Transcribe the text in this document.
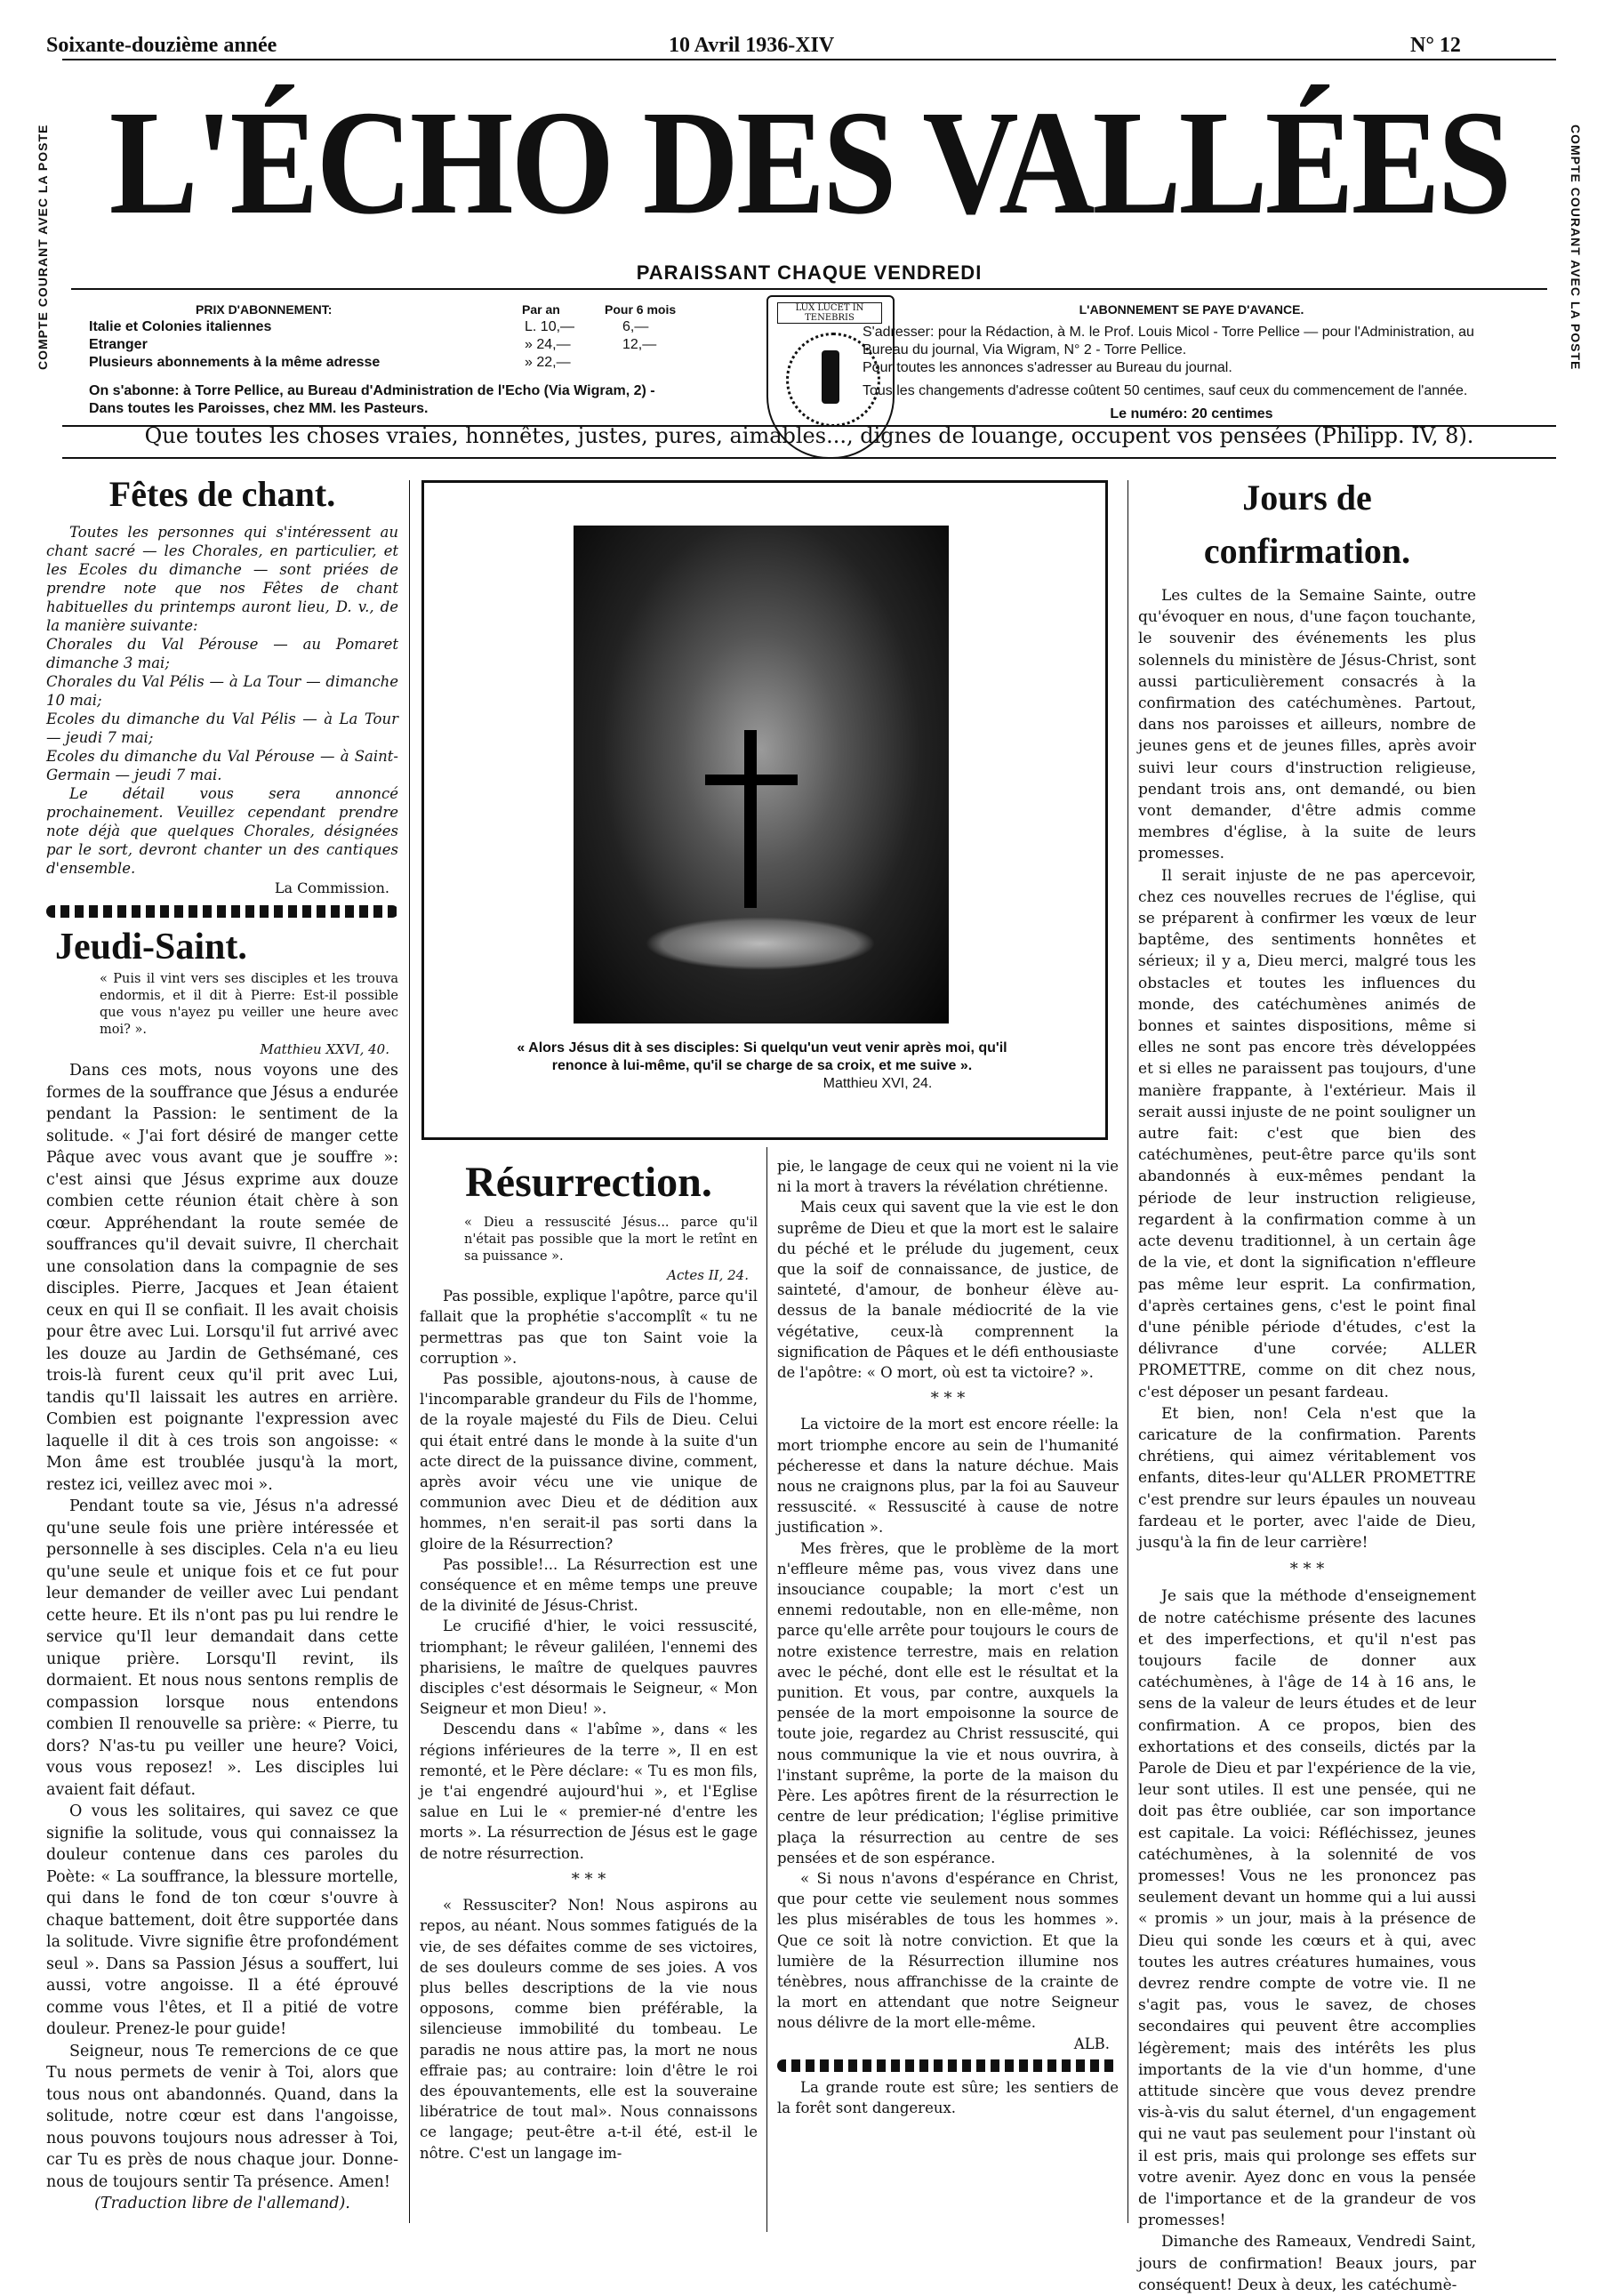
Soixante-douzième année	10 Avril 1936-XIV	N° 12
COMPTE COURANT AVEC LA POSTE	COMPTE COURANT AVEC LA POSTE
L'ÉCHO DES VALLÉES
PARAISSANT CHAQUE VENDREDI
PRIX D'ABONNEMENT:	Par an	Pour 6 mois
Italie et Colonies italiennes	L. 10,—	6,—
Etranger	» 24,—	12,—
Plusieurs abonnements à la même adresse	» 22,—
On s'abonne: à Torre Pellice, au Bureau d'Administration de l'Echo (Via Wigram, 2) - Dans toutes les Paroisses, chez MM. les Pasteurs.
LUX LUCET IN TENEBRIS
L'ABONNEMENT SE PAYE D'AVANCE.
S'adresser: pour la Rédaction, à M. le Prof. Louis Micol - Torre Pellice — pour l'Administration, au Bureau du journal, Via Wigram, N° 2 - Torre Pellice.
Pour toutes les annonces s'adresser au Bureau du journal.
Tous les changements d'adresse coûtent 50 centimes, sauf ceux du commencement de l'année.
Le numéro: 20 centimes
Que toutes les choses vraies, honnêtes, justes, pures, aimables..., dignes de louange, occupent vos pensées (Philipp. IV, 8).
Fêtes de chant.

Toutes les personnes qui s'intéressent au chant sacré — les Chorales, en particulier, et les Ecoles du dimanche — sont priées de prendre note que nos Fêtes de chant habituelles du printemps auront lieu, D. v., de la manière suivante:

Chorales du Val Pérouse — au Pomaret dimanche 3 mai;

Chorales du Val Pélis — à La Tour — dimanche 10 mai;

Ecoles du dimanche du Val Pélis — à La Tour — jeudi 7 mai;

Ecoles du dimanche du Val Pérouse — à Saint-Germain — jeudi 7 mai.

Le détail vous sera annoncé prochainement. Veuillez cependant prendre note déjà que quelques Chorales, désignées par le sort, devront chanter un des cantiques d'ensemble.

La Commission.
Jeudi-Saint.
« Puis il vint vers ses disciples et les trouva endormis, et il dit à Pierre: Est-il possible que vous n'ayez pu veiller une heure avec moi? ».
Matthieu XXVI, 40.

Dans ces mots, nous voyons une des formes de la souffrance que Jésus a endurée pendant la Passion: le sentiment de la solitude. « J'ai fort désiré de manger cette Pâque avec vous avant que je souffre »: c'est ainsi que Jésus exprime aux douze combien cette réunion était chère à son cœur. Appréhendant la route semée de souffrances qu'il devait suivre, Il cherchait une consolation dans la compagnie de ses disciples. Pierre, Jacques et Jean étaient ceux en qui Il se confiait. Il les avait choisis pour être avec Lui. Lorsqu'il fut arrivé avec les douze au Jardin de Gethsémané, ces trois-là furent ceux qu'il prit avec Lui, tandis qu'Il laissait les autres en arrière. Combien est poignante l'expression avec laquelle il dit à ces trois son angoisse: « Mon âme est troublée jusqu'à la mort, restez ici, veillez avec moi ».

Pendant toute sa vie, Jésus n'a adressé qu'une seule fois une prière intéressée et personnelle à ses disciples. Cela n'a eu lieu qu'une seule et unique fois et ce fut pour leur demander de veiller avec Lui pendant cette heure. Et ils n'ont pas pu lui rendre le service qu'Il leur demandait dans cette unique prière. Lorsqu'Il revint, ils dormaient. Et nous nous sentons remplis de compassion lorsque nous entendons combien Il renouvelle sa prière: « Pierre, tu dors? N'as-tu pu veiller une heure? Voici, vous vous reposez! ». Les disciples lui avaient fait défaut.

O vous les solitaires, qui savez ce que signifie la solitude, vous qui connaissez la douleur contenue dans ces paroles du Poète: « La souffrance, la blessure mortelle, qui dans le fond de ton cœur s'ouvre à chaque battement, doit être supportée dans la solitude. Vivre signifie être profondément seul ». Dans sa Passion Jésus a souffert, lui aussi, votre angoisse. Il a été éprouvé comme vous l'êtes, et Il a pitié de votre douleur. Prenez-le pour guide!

Seigneur, nous Te remercions de ce que Tu nous permets de venir à Toi, alors que tous nous ont abandonnés. Quand, dans la solitude, notre cœur est dans l'angoisse, nous pouvons toujours nous adresser à Toi, car Tu es près de nous chaque jour. Donne-nous de toujours sentir Ta présence. Amen!

(Traduction libre de l'allemand).
« Alors Jésus dit à ses disciples: Si quelqu'un veut venir après moi, qu'il renonce à lui-même, qu'il se charge de sa croix, et me suive ».
Matthieu XVI, 24.
Résurrection.
« Dieu a ressuscité Jésus... parce qu'il n'était pas possible que la mort le retînt en sa puissance ».
Actes II, 24.

Pas possible, explique l'apôtre, parce qu'il fallait que la prophétie s'accomplît « tu ne permettras pas que ton Saint voie la corruption ».

Pas possible, ajoutons-nous, à cause de l'incomparable grandeur du Fils de l'homme, de la royale majesté du Fils de Dieu. Celui qui était entré dans le monde à la suite d'un acte direct de la puissance divine, comment, après avoir vécu une vie unique de communion avec Dieu et de dédition aux hommes, n'en serait-il pas sorti dans la gloire de la Résurrection?

Pas possible!... La Résurrection est une conséquence et en même temps une preuve de la divinité de Jésus-Christ.

Le crucifié d'hier, le voici ressuscité, triomphant; le rêveur galiléen, l'ennemi des pharisiens, le maître de quelques pauvres disciples c'est désormais le Seigneur, « Mon Seigneur et mon Dieu! ».

Descendu dans « l'abîme », dans « les régions inférieures de la terre », Il en est remonté, et le Père déclare: « Tu es mon fils, je t'ai engendré aujourd'hui », et l'Eglise salue en Lui le « premier-né d'entre les morts ». La résurrection de Jésus est le gage de notre résurrection.

* * *

« Ressusciter? Non! Nous aspirons au repos, au néant. Nous sommes fatigués de la vie, de ses défaites comme de ses victoires, de ses douleurs comme de ses joies. A vos plus belles descriptions de la vie nous opposons, comme bien préférable, la silencieuse immobilité du tombeau. Le paradis ne nous attire pas, la mort ne nous effraie pas; au contraire: loin d'être le roi des épouvantements, elle est la souveraine libératrice de tout mal». Nous connaissons ce langage; peut-être a-t-il été, est-il le nôtre. C'est un langage im-

pie, le langage de ceux qui ne voient ni la vie ni la mort à travers la révélation chrétienne.

Mais ceux qui savent que la vie est le don suprême de Dieu et que la mort est le salaire du péché et le prélude du jugement, ceux que la soif de connaissance, de justice, de sainteté, d'amour, de bonheur élève au-dessus de la banale médiocrité de la vie végétative, ceux-là comprennent la signification de Pâques et le défi enthousiaste de l'apôtre: « O mort, où est ta victoire? ».

* * *

La victoire de la mort est encore réelle: la mort triomphe encore au sein de l'humanité pécheresse et dans la nature déchue. Mais nous ne craignons plus, par la foi au Sauveur ressuscité. « Ressuscité à cause de notre justification ».

Mes frères, que le problème de la mort n'effleure même pas, vous vivez dans une insouciance coupable; la mort c'est un ennemi redoutable, non en elle-même, non parce qu'elle arrête pour toujours le cours de notre existence terrestre, mais en relation avec le péché, dont elle est le résultat et la punition. Et vous, par contre, auxquels la pensée de la mort empoisonne la source de toute joie, regardez au Christ ressuscité, qui nous communique la vie et nous ouvrira, à l'instant suprême, la porte de la maison du Père. Les apôtres firent de la résurrection le centre de leur prédication; l'église primitive plaça la résurrection au centre de ses pensées et de son espérance.

« Si nous n'avons d'espérance en Christ, que pour cette vie seulement nous sommes les plus misérables de tous les hommes ». Que ce soit là notre conviction. Et que la lumière de la Résurrection illumine nos ténèbres, nous affranchisse de la crainte de la mort en attendant que notre Seigneur nous délivre de la mort elle-même.

ALB.

La grande route est sûre; les sentiers de la forêt sont dangereux.

Jours de confirmation.

Les cultes de la Semaine Sainte, outre qu'évoquer en nous, d'une façon touchante, le souvenir des événements les plus solennels du ministère de Jésus-Christ, sont aussi particulièrement consacrés à la confirmation des catéchumènes. Partout, dans nos paroisses et ailleurs, nombre de jeunes gens et de jeunes filles, après avoir suivi leur cours d'instruction religieuse, pendant trois ans, ont demandé, ou bien vont demander, d'être admis comme membres d'église, à la suite de leurs promesses.

Il serait injuste de ne pas apercevoir, chez ces nouvelles recrues de l'église, qui se préparent à confirmer les vœux de leur baptême, des sentiments honnêtes et sérieux; il y a, Dieu merci, malgré tous les obstacles et toutes les influences du monde, des catéchumènes animés de bonnes et saintes dispositions, même si elles ne sont pas encore très développées et si elles ne paraissent pas toujours, d'une manière frappante, à l'extérieur. Mais il serait aussi injuste de ne point souligner un autre fait: c'est que bien des catéchumènes, peut-être parce qu'ils sont abandonnés à eux-mêmes pendant la période de leur instruction religieuse, regardent à la confirmation comme à un acte devenu traditionnel, à un certain âge de la vie, et dont la signification n'effleure pas même leur esprit. La confirmation, d'après certaines gens, c'est le point final d'une pénible période d'études, c'est la délivrance d'une corvée; ALLER PROMETTRE, comme on dit chez nous, c'est déposer un pesant fardeau.

Et bien, non! Cela n'est que la caricature de la confirmation. Parents chrétiens, qui aimez véritablement vos enfants, dites-leur qu'ALLER PROMETTRE c'est prendre sur leurs épaules un nouveau fardeau et le porter, avec l'aide de Dieu, jusqu'à la fin de leur carrière!

* * *

Je sais que la méthode d'enseignement de notre catéchisme présente des lacunes et des imperfections, et qu'il n'est pas toujours facile de donner aux catéchumènes, à l'âge de 14 à 16 ans, le sens de la valeur de leurs études et de leur confirmation. A ce propos, bien des exhortations et des conseils, dictés par la Parole de Dieu et par l'expérience de la vie, leur sont utiles. Il est une pensée, qui ne doit pas être oubliée, car son importance est capitale. La voici: Réfléchissez, jeunes catéchumènes, à la solennité de vos promesses! Vous ne les prononcez pas seulement devant un homme qui a lui aussi « promis » un jour, mais à la présence de Dieu qui sonde les cœurs et à qui, avec toutes les autres créatures humaines, vous devrez rendre compte de votre vie. Il ne s'agit pas, vous le savez, de choses secondaires qui peuvent être accomplies légèrement; mais des intérêts les plus importants de la vie d'un homme, d'une attitude sincère que vous devez prendre vis-à-vis du salut éternel, d'un engagement qui ne vaut pas seulement pour l'instant où il est pris, mais qui prolonge ses effets sur votre avenir. Ayez donc en vous la pensée de l'importance et de la grandeur de vos promesses!

Dimanche des Rameaux, Vendredi Saint, jours de confirmation! Beaux jours, par conséquent! Deux à deux, les catéchumè-
